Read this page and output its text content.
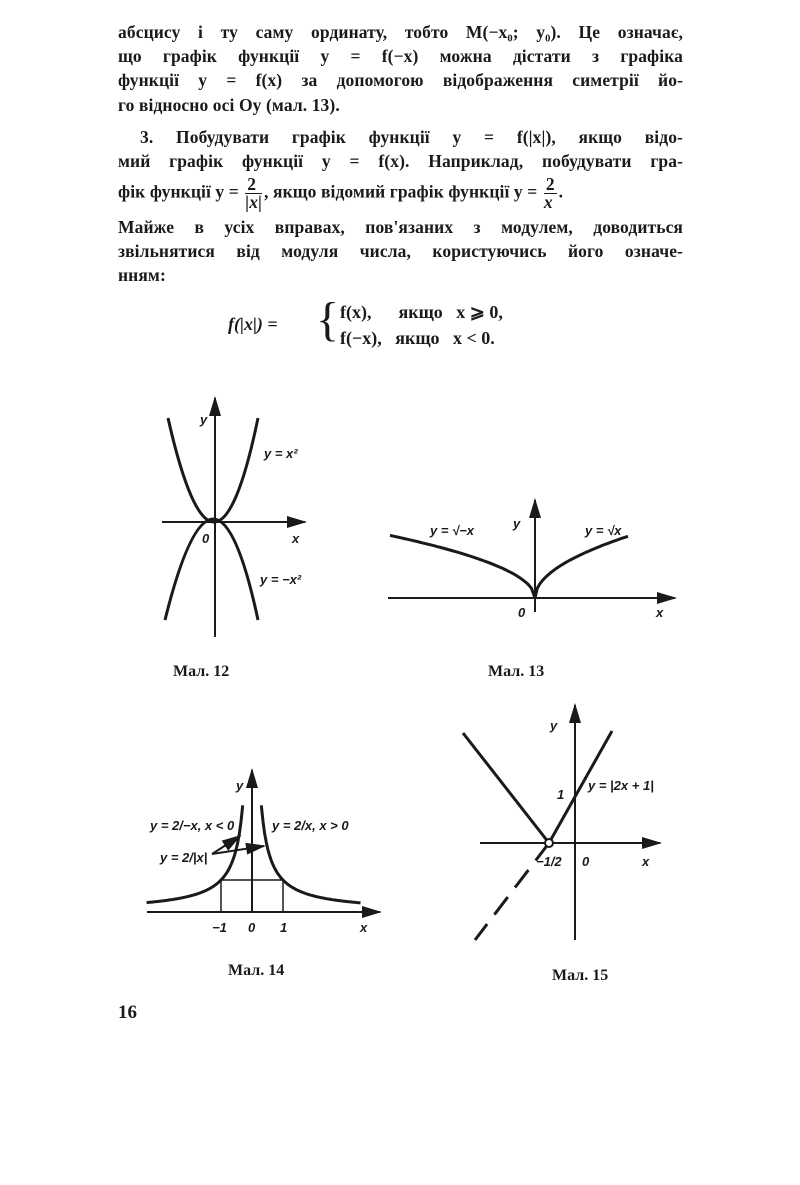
абсцису і ту саму ординату, тобто M(−x₀; y₀). Це означає,
що графік функції y = f(−x) можна дістати з графіка
функції y = f(x) за допомогою відображення симетрії йо-
го відносно осі Oy (мал. 13).
3. Побудувати графік функції y = f(|x|), якщо відо-
мий графік функції y = f(x). Наприклад, побудувати гра-
фік функції $y = \frac{2}{|x|}$ , якщо відомий графік функції $y = \frac{2}{x}$ .
Майже в усіх вправах, пов'язаних з модулем, доводиться
звільнятися від модуля числа, користуючись його означе-
нням:
f(|x|) = { f(x),      якщо   x ⩾ 0,
f(−x),   якщо   x < 0.
y
y = x²
0	x
y = −x²
y
y = √−x	y = √x
0	x
y
y = 2/−x, x < 0	y = 2/x, x > 0
y = 2/|x|
−1 0 1	x
y
1
y = |2x + 1|
−1/2 0	x
Мал. 12	Мал. 13
Мал. 14	Мал. 15
16
